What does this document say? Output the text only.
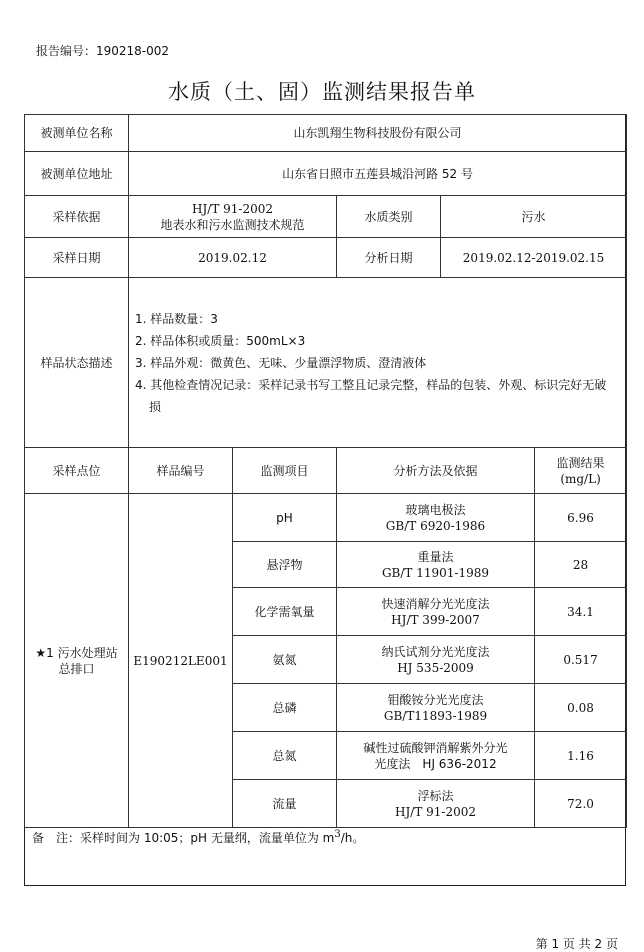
报告编号：190218-002
水质（土、固）监测结果报告单
被测单位名称	山东凯翔生物科技股份有限公司				
被测单位地址	山东省日照市五莲县城沿河路 52 号				
采样依据	HJ/T 91-2002
地表水和污水监测技术规范		水质类别	污水	
采样日期	2019.02.12		分析日期	2019.02.12-2019.02.15	
样品状态描述	1. 样品数量：3
2. 样品体积或质量：500mL×3
3. 样品外观：微黄色、无味、少量漂浮物质、澄清液体
4. 其他检查情况记录：采样记录书写工整且记录完整，样品的包装、外观、标识完好无破
损				

采样点位	样品编号	监测项目	分析方法及依据		监测结果
(mg/L)

★1 污水处理站
总排口	E190212LE001	pH	玻璃电极法
GB/T 6920-1986		6.96
		悬浮物	重量法
GB/T 11901-1989		28
		化学需氧量	快速消解分光光度法
HJ/T 399-2007		34.1
		氨氮	纳氏试剂分光光度法
HJ 535-2009		0.517
		总磷	钼酸铵分光光度法
GB/T11893-1989		0.08
		总氮	碱性过硫酸钾消解紫外分光
光度法　HJ 636-2012		1.16
		流量	浮标法
HJ/T 91-2002		72.0
备　注：采样时间为 10:05；pH 无量纲，流量单位为 $m^3/h$。
第 1 页 共 2 页
